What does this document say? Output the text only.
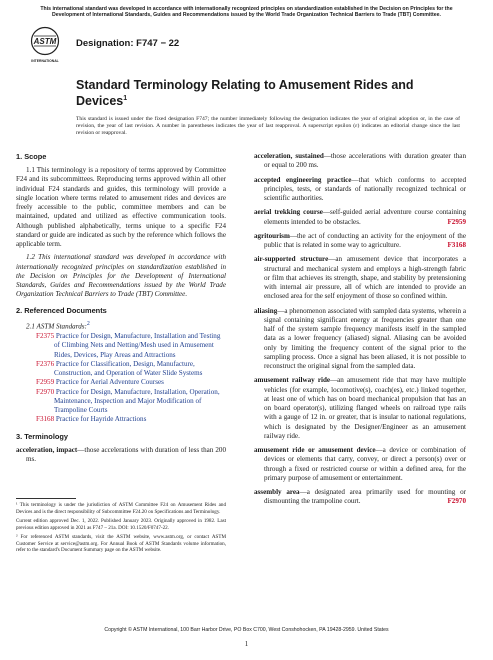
This international standard was developed in accordance with internationally recognized principles on standardization established in the Decision on Principles for the Development of International Standards, Guides and Recommendations issued by the World Trade Organization Technical Barriers to Trade (TBT) Committee.
ASTM
INTERNATIONAL
Designation: F747 − 22
Standard Terminology Relating to Amusement Rides and Devices$^1$
This standard is issued under the fixed designation F747; the number immediately following the designation indicates the year of original adoption or, in the case of revision, the year of last revision. A number in parentheses indicates the year of last reapproval. A superscript epsilon (ε) indicates an editorial change since the last revision or reapproval.
1. Scope

1.1 This terminology is a repository of terms approved by Committee F24 and its subcommittees. Reproducing terms approved within all other individual F24 standards and guides, this terminology will provide a single location where terms related to amusement rides and devices are freely accessible to the public, committee members and can be maintained, updated and utilized as effective communication tools. Although published alphabetically, terms unique to a specific F24 standard or guide are indicated as such by the reference which follows the applicable term.

1.2 This international standard was developed in accordance with internationally recognized principles on standardization established in the Decision on Principles for the Development of International Standards, Guides and Recommendations issued by the World Trade Organization Technical Barriers to Trade (TBT) Committee.

2. Referenced Documents
2.1 ASTM Standards:$^2$
F2375 Practice for Design, Manufacture, Installation and Testing of Climbing Nets and Netting/Mesh used in Amusement Rides, Devices, Play Areas and Attractions
F2376 Practice for Classification, Design, Manufacture, Construction, and Operation of Water Slide Systems
F2959 Practice for Aerial Adventure Courses
F2970 Practice for Design, Manufacture, Installation, Operation, Maintenance, Inspection and Major Modification of Trampoline Courts
F3168 Practice for Hayride Attractions
3. Terminology
acceleration, impact—those accelerations with duration of less than 200 ms.

¹ This terminology is under the jurisdiction of ASTM Committee F24 on Amusement Rides and Devices and is the direct responsibility of Subcommittee F24.20 on Specifications and Terminology.

Current edition approved Dec. 1, 2022. Published January 2023. Originally approved in 1982. Last previous edition approved in 2021 as F747 – 21a. DOI: 10.1520/F0747-22.

² For referenced ASTM standards, visit the ASTM website, www.astm.org, or contact ASTM Customer Service at service@astm.org. For Annual Book of ASTM Standards volume information, refer to the standard's Document Summary page on the ASTM website.

acceleration, sustained—those accelerations with duration greater than or equal to 200 ms.
accepted engineering practice—that which conforms to accepted principles, tests, or standards of nationally recognized technical or scientific authorities.
aerial trekking course—self-guided aerial adventure course containing elements intended to be obstacles.	F2959
agritourism—the act of conducting an activity for the enjoyment of the public that is related in some way to agriculture.	F3168
air-supported structure—an amusement device that incorporates a structural and mechanical system and employs a high-strength fabric or film that achieves its strength, shape, and stability by pretensioning with internal air pressure, all of which are intended to provide an enclosed area for the self enjoyment of those so confined within.
aliasing—a phenomenon associated with sampled data systems, wherein a signal containing significant energy at frequencies greater than one half of the system sample frequency manifests itself in the sampled data as a lower frequency (aliased) signal. Aliasing can be avoided only by limiting the frequency content of the signal prior to the sampling process. Once a signal has been aliased, it is not possible to reconstruct the original signal from the sampled data.
amusement railway ride—an amusement ride that may have multiple vehicles (for example, locomotive(s), coach(es), etc.) linked together, at least one of which has on board mechanical propulsion that has an on board operator(s), utilizing flanged wheels on railroad type rails with a gauge of 12 in. or greater, that is insular to national regulations, which is designated by the Designer/Engineer as an amusement railway ride.
amusement ride or amusement device—a device or combination of devices or elements that carry, convey, or direct a person(s) over or through a fixed or restricted course or within a defined area, for the primary purpose of amusement or entertainment.
assembly area—a designated area primarily used for mounting or dismounting the trampoline court.	F2970
Copyright © ASTM International, 100 Barr Harbor Drive, PO Box C700, West Conshohocken, PA 19428-2959. United States
1
